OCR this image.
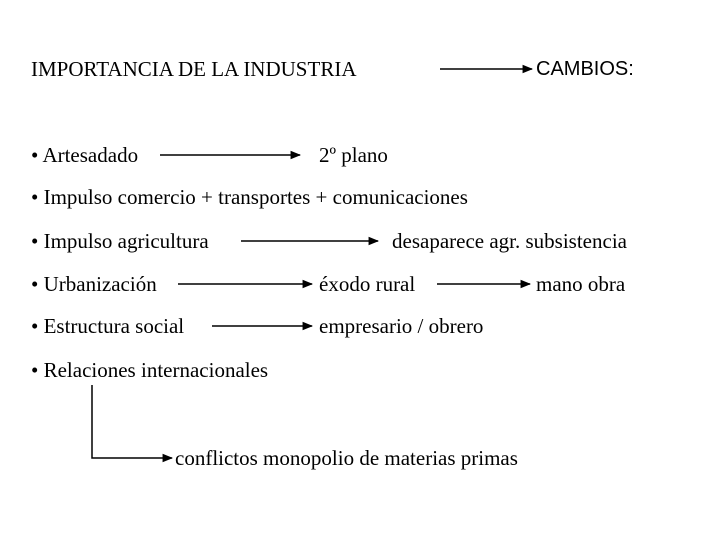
IMPORTANCIA DE LA INDUSTRIA	CAMBIOS:
• Artesadado	2º plano
• Impulso comercio + transportes + comunicaciones
• Impulso agricultura	desaparece agr. subsistencia
• Urbanización	éxodo rural	mano obra
• Estructura social	empresario / obrero
• Relaciones internacionales
conflictos monopolio de materias primas
